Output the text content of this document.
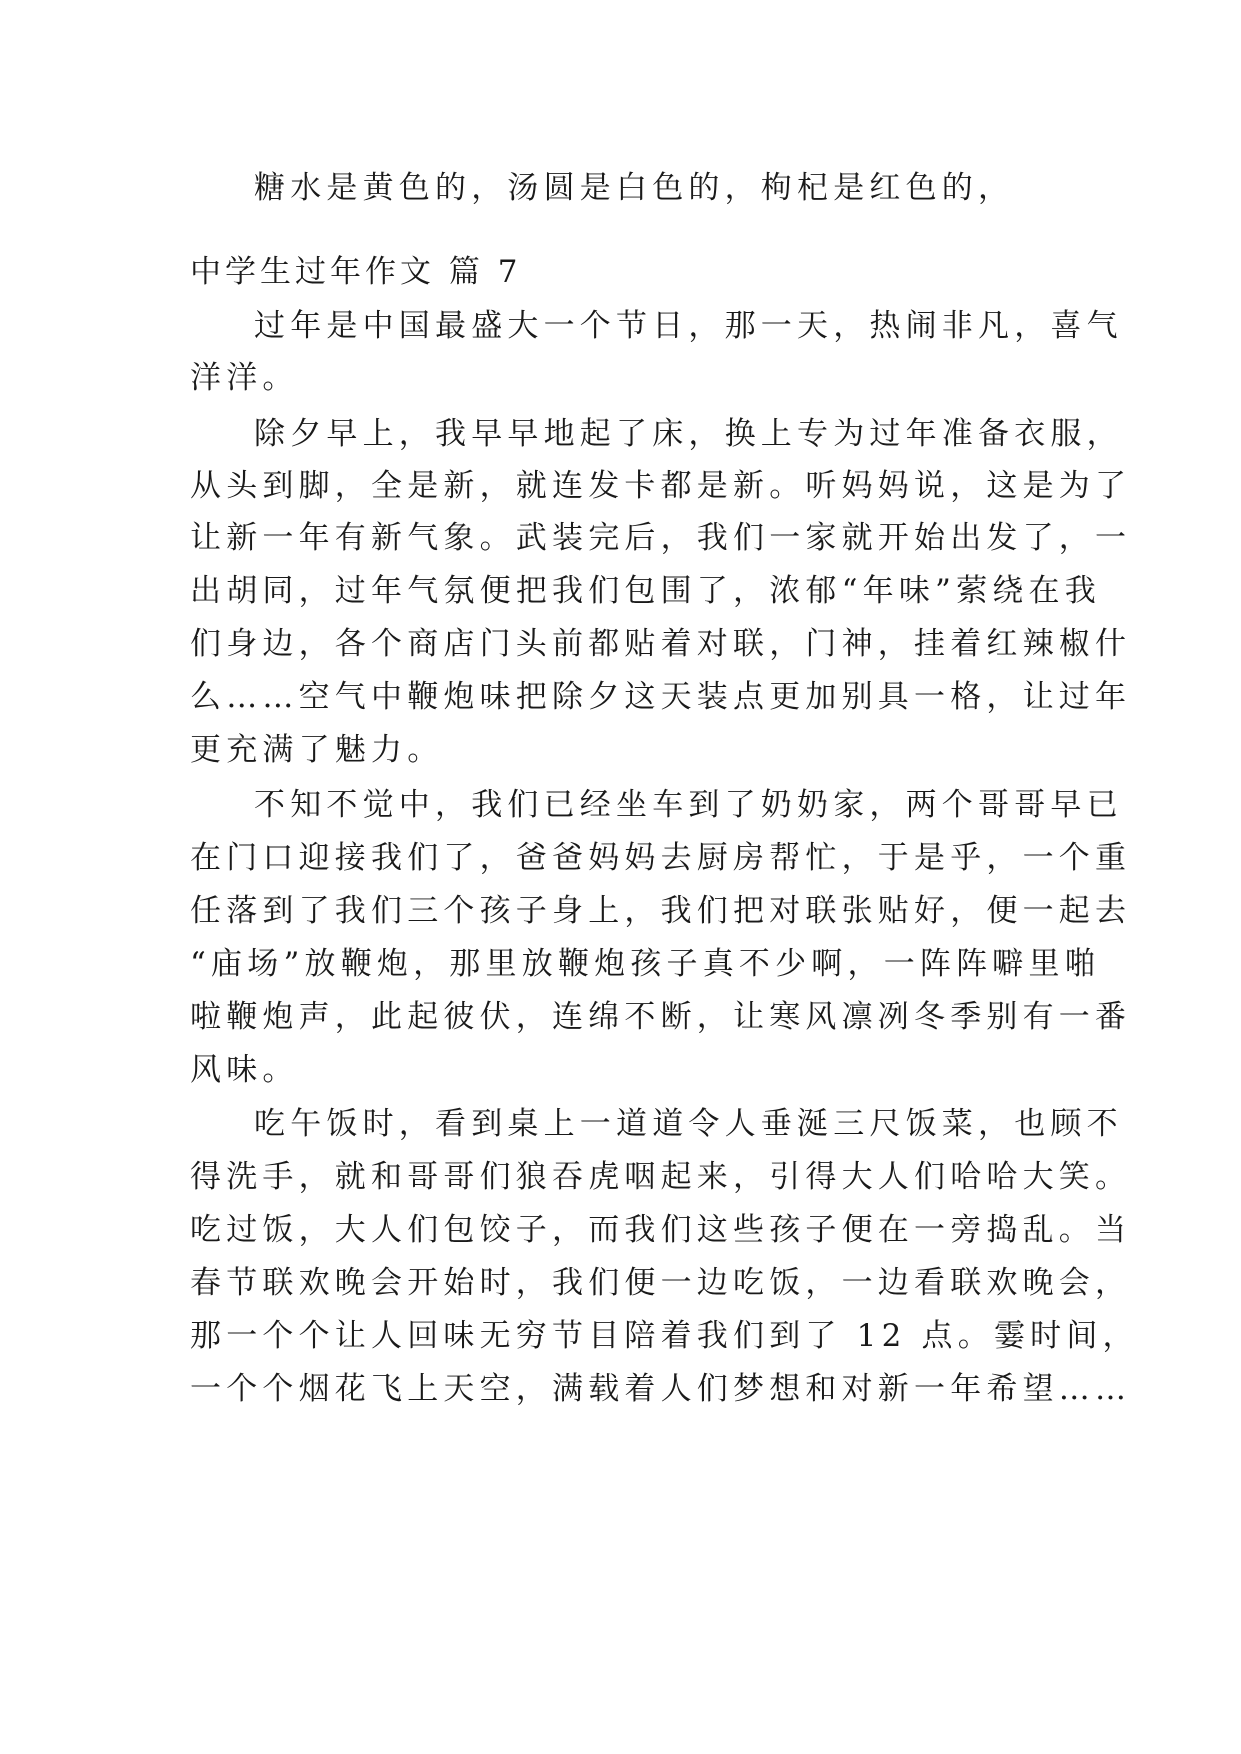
糖水是黄色的，汤圆是白色的，枸杞是红色的，
中学生过年作文 篇 7
过年是中国最盛大一个节日，那一天，热闹非凡，喜气
洋洋。
除夕早上，我早早地起了床，换上专为过年准备衣服，
从头到脚，全是新，就连发卡都是新。听妈妈说，这是为了
让新一年有新气象。武装完后，我们一家就开始出发了，一
出胡同，过年气氛便把我们包围了，浓郁“年味”萦绕在我
们身边，各个商店门头前都贴着对联，门神，挂着红辣椒什
么……空气中鞭炮味把除夕这天装点更加别具一格，让过年
更充满了魅力。
不知不觉中，我们已经坐车到了奶奶家，两个哥哥早已
在门口迎接我们了，爸爸妈妈去厨房帮忙，于是乎，一个重
任落到了我们三个孩子身上，我们把对联张贴好，便一起去
“庙场”放鞭炮，那里放鞭炮孩子真不少啊，一阵阵噼里啪
啦鞭炮声，此起彼伏，连绵不断，让寒风凛冽冬季别有一番
风味。
吃午饭时，看到桌上一道道令人垂涎三尺饭菜，也顾不
得洗手，就和哥哥们狼吞虎咽起来，引得大人们哈哈大笑。
吃过饭，大人们包饺子，而我们这些孩子便在一旁捣乱。当
春节联欢晚会开始时，我们便一边吃饭，一边看联欢晚会，
那一个个让人回味无穷节目陪着我们到了 12 点。霎时间，
一个个烟花飞上天空，满载着人们梦想和对新一年希望……
